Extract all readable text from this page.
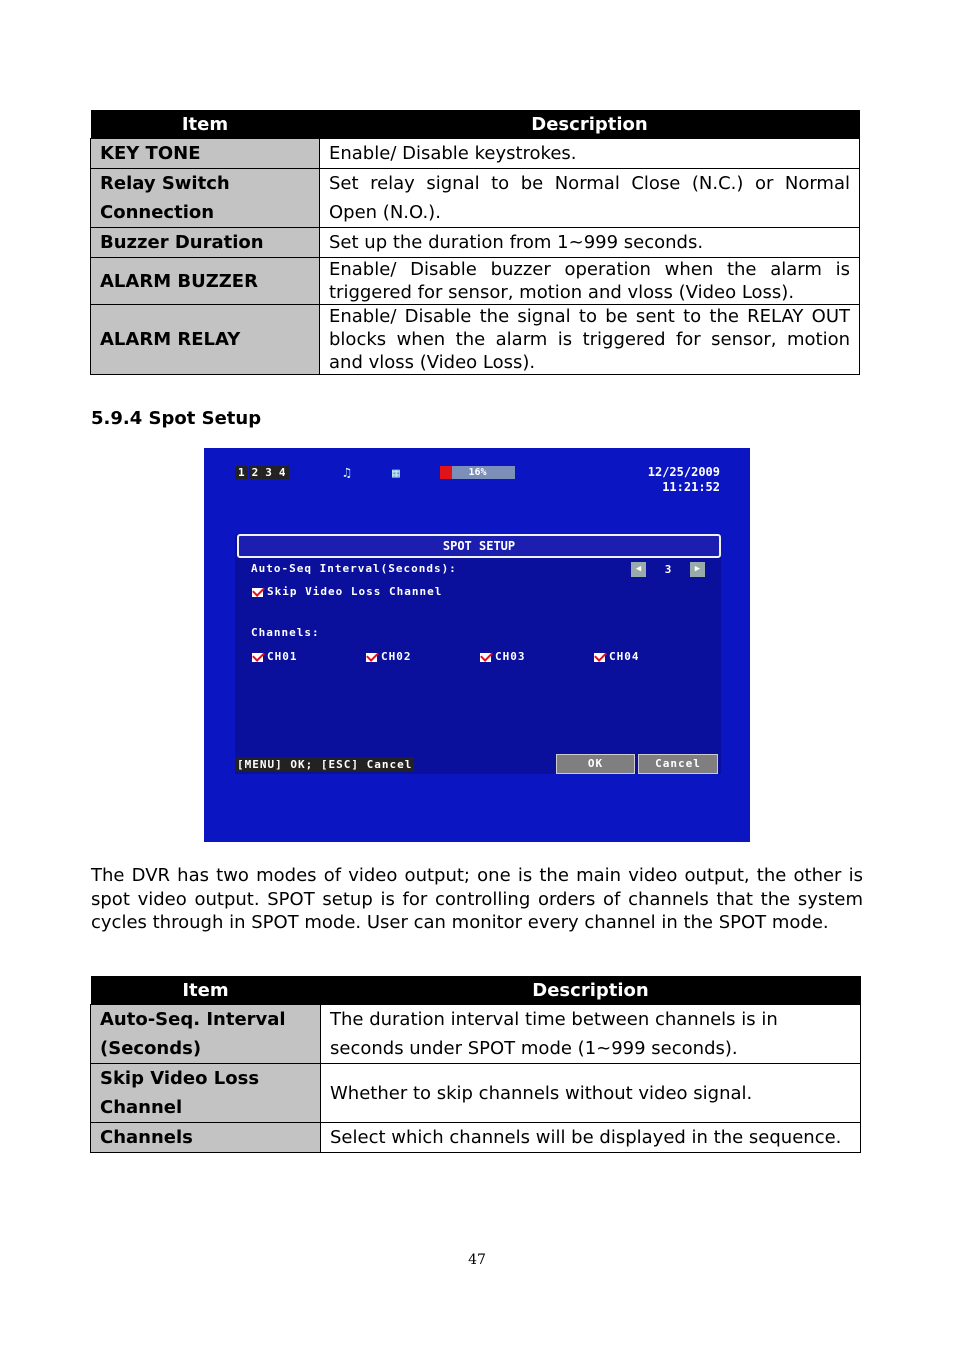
Item	Description
KEY TONE	Enable/ Disable keystrokes.
Relay Switch Connection	Set relay signal to be Normal Close (N.C.) or Normal Open (N.O.).
Buzzer Duration	Set up the duration from 1~999 seconds.
ALARM BUZZER	Enable/ Disable buzzer operation when the alarm is triggered for sensor, motion and vloss (Video Loss).
ALARM RELAY	Enable/ Disable the signal to be sent to the RELAY OUT blocks when the alarm is triggered for sensor, motion and vloss (Video Loss).
5.9.4 Spot Setup
1 2 3 4	♫	▦	16%	12/25/2009
11:21:52
SPOT SETUP
Auto-Seq Interval(Seconds):	◀	3	▶
Skip Video Loss Channel
Channels:
CH01	CH02	CH03	CH04
[MENU] OK; [ESC] Cancel	OK	Cancel

The DVR has two modes of video output; one is the main video output, the other is spot video output. SPOT setup is for controlling orders of channels that the system cycles through in SPOT mode. User can monitor every channel in the SPOT mode.

Item	Description
Auto-Seq. Interval (Seconds)	The duration interval time between channels is in seconds under SPOT mode (1~999 seconds).
Skip Video Loss Channel	Whether to skip channels without video signal.
Channels	Select which channels will be displayed in the sequence.
47
